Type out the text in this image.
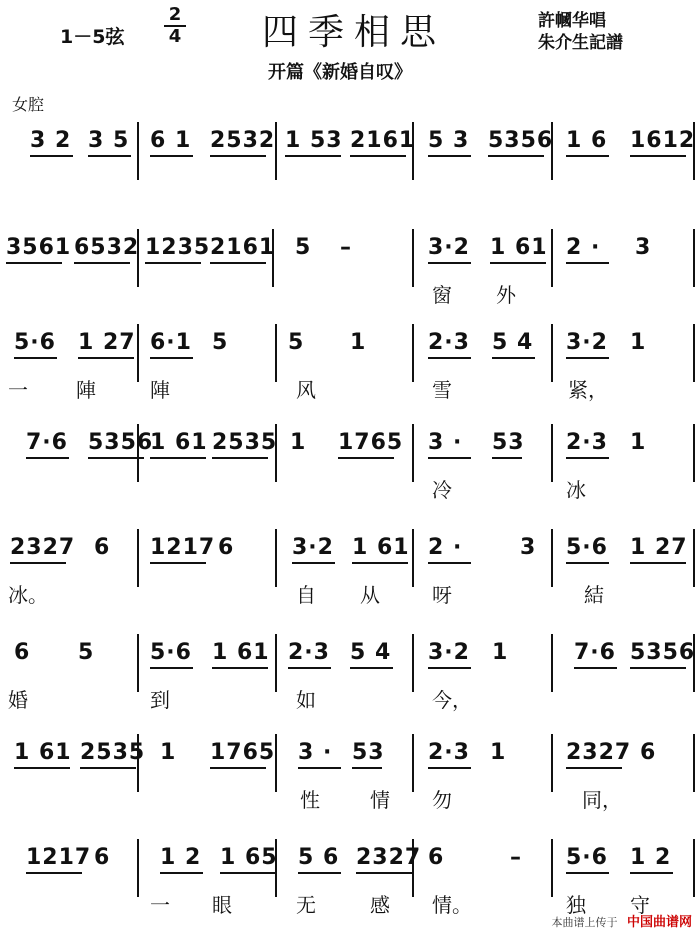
1－5弦
2
4 四季相思	許幗华唱
朱介生記譜
开篇《新婚自叹》
女腔
3 2 3 5 6 1 2532 1 53 2161 5 3 5356 1 6 1612
3561 6532 1235 2161 5 –	3·2 1 61 2 · 3
窗 外
5·6 1 27 6·1 5	5 1	2·3 5 4 3·2 1
一 陣	陣	风	雪	紧，
7·6 5356
1 61 2535 1 1765 3 · 53 2·3 1
冷	冰
2327 6 1217 6	3·2 1 61 2 ·	3 5·6 1 27
冰。	自 从	呀	結
6 5	5·6 1 61 2·3 5 4 3·2 1	7·6 5356
婚	到	如	今，
1 61 2535 1 1765 3 · 53 2·3 1	2327 6
性	情 勿	同，
1217 6 1 2 1 65 5 6 2327 6	– 5·6 1 2
一 眼	无	感 情。	独 守
本曲谱上传于 中国曲谱网
